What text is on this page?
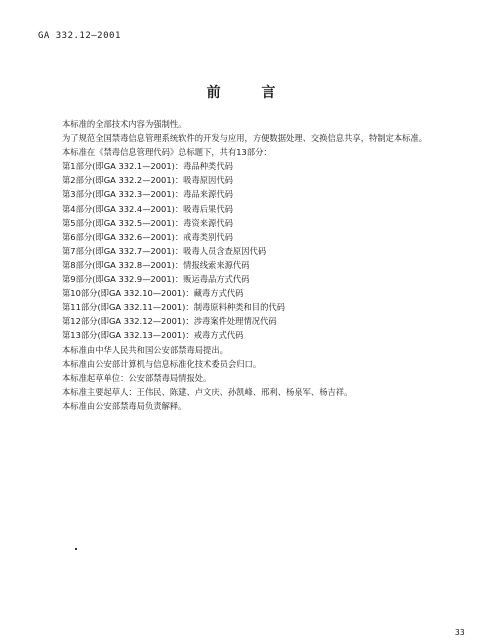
GA 332.12—2001
前 言
本标准的全部技术内容为强制性。
为了规范全国禁毒信息管理系统软件的开发与应用，方便数据处理、交换信息共享，特制定本标准。
本标准在《禁毒信息管理代码》总标题下，共有13部分：
第1部分(即GA 332.1—2001)：毒品种类代码
第2部分(即GA 332.2—2001)：吸毒原因代码
第3部分(即GA 332.3—2001)：毒品来源代码
第4部分(即GA 332.4—2001)：吸毒后果代码
第5部分(即GA 332.5—2001)：毒资来源代码
第6部分(即GA 332.6—2001)：戒毒类别代码
第7部分(即GA 332.7—2001)：吸毒人员含查原因代码
第8部分(即GA 332.8—2001)：情报线索来源代码
第9部分(即GA 332.9—2001)：贩运毒品方式代码
第10部分(即GA 332.10—2001)：藏毒方式代码
第11部分(即GA 332.11—2001)：制毒原料种类和目的代码
第12部分(即GA 332.12—2001)：涉毒案件处理情况代码
第13部分(即GA 332.13—2001)：戒毒方式代码
本标准由中华人民共和国公安部禁毒局提出。
本标准由公安部计算机与信息标准化技术委员会归口。
本标准起草单位：公安部禁毒局情报处。
本标准主要起草人：王伟民、陈建、卢文庆、孙凯峰、邢利、杨泉军、杨吉祥。
本标准由公安部禁毒局负责解释。
33
